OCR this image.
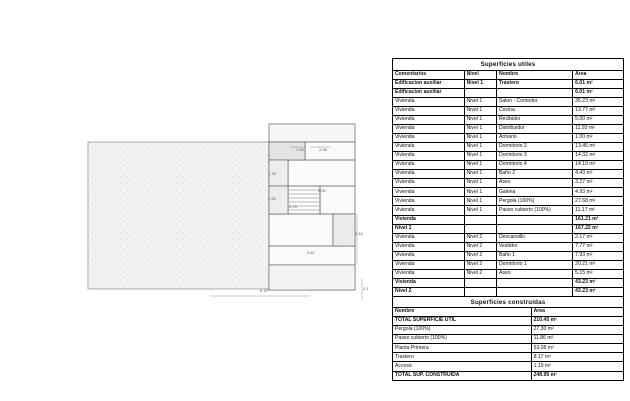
1.90	2.08
1.75
3.00
1.50
2.75
3.42
0.87
6.19	2.1
Superficies utiles
Comentarios	Nivel	Nombre	Área
Edificacion auxiliar	Nivel 1	Trastero	6.01 m²
Edificacion auxiliar			6.01 m²
Vivienda	Nivel 1	Salon - Comedor	35.23 m²
Vivienda	Nivel 1	Cocina	13.77 m²
Vivienda	Nivel 1	Recibidor	5.00 m²
Vivienda	Nivel 1	Distribuidor	11.93 m²
Vivienda	Nivel 1	Armario	1.00 m²
Vivienda	Nivel 1	Dormitorio 2	13.45 m²
Vivienda	Nivel 1	Dormitorio 3	14.32 m²
Vivienda	Nivel 1	Dormitorio 4	14.10 m²
Vivienda	Nivel 1	Baño 2	4.43 m²
Vivienda	Nivel 1	Aseo	3.27 m²
Vivienda	Nivel 1	Galeria	4.93 m²
Vivienda	Nivel 1	Pergola (100%)	27.68 m²
Vivienda	Nivel 1	Paseo cubierto (100%)	11.17 m²
Vivienda			161.21 m²
Nivel 1			167.22 m²
Vivienda	Nivel 2	Descansillo	2.17 m²
Vivienda	Nivel 2	Vestidor	7.77 m²
Vivienda	Nivel 2	Baño 1	7.93 m²
Vivienda	Nivel 2	Dormitorio 1	20.21 m²
Vivienda	Nivel 2	Aseo	5.15 m²
Vivienda			43.23 m²
Nivel 2			43.23 m²
Superficies construidas
Nombre	Área
TOTAL SUPERFICIE UTIL	210.45 m²
Pergola (100%)	27.30 m²
Paseo cubierto (100%)	11.86 m²
Planta Primera	53.08 m²
Trastero	8.17 m²
Acceso	1.19 m²
TOTAL SUP. CONSTRUIDA	248.95 m²
